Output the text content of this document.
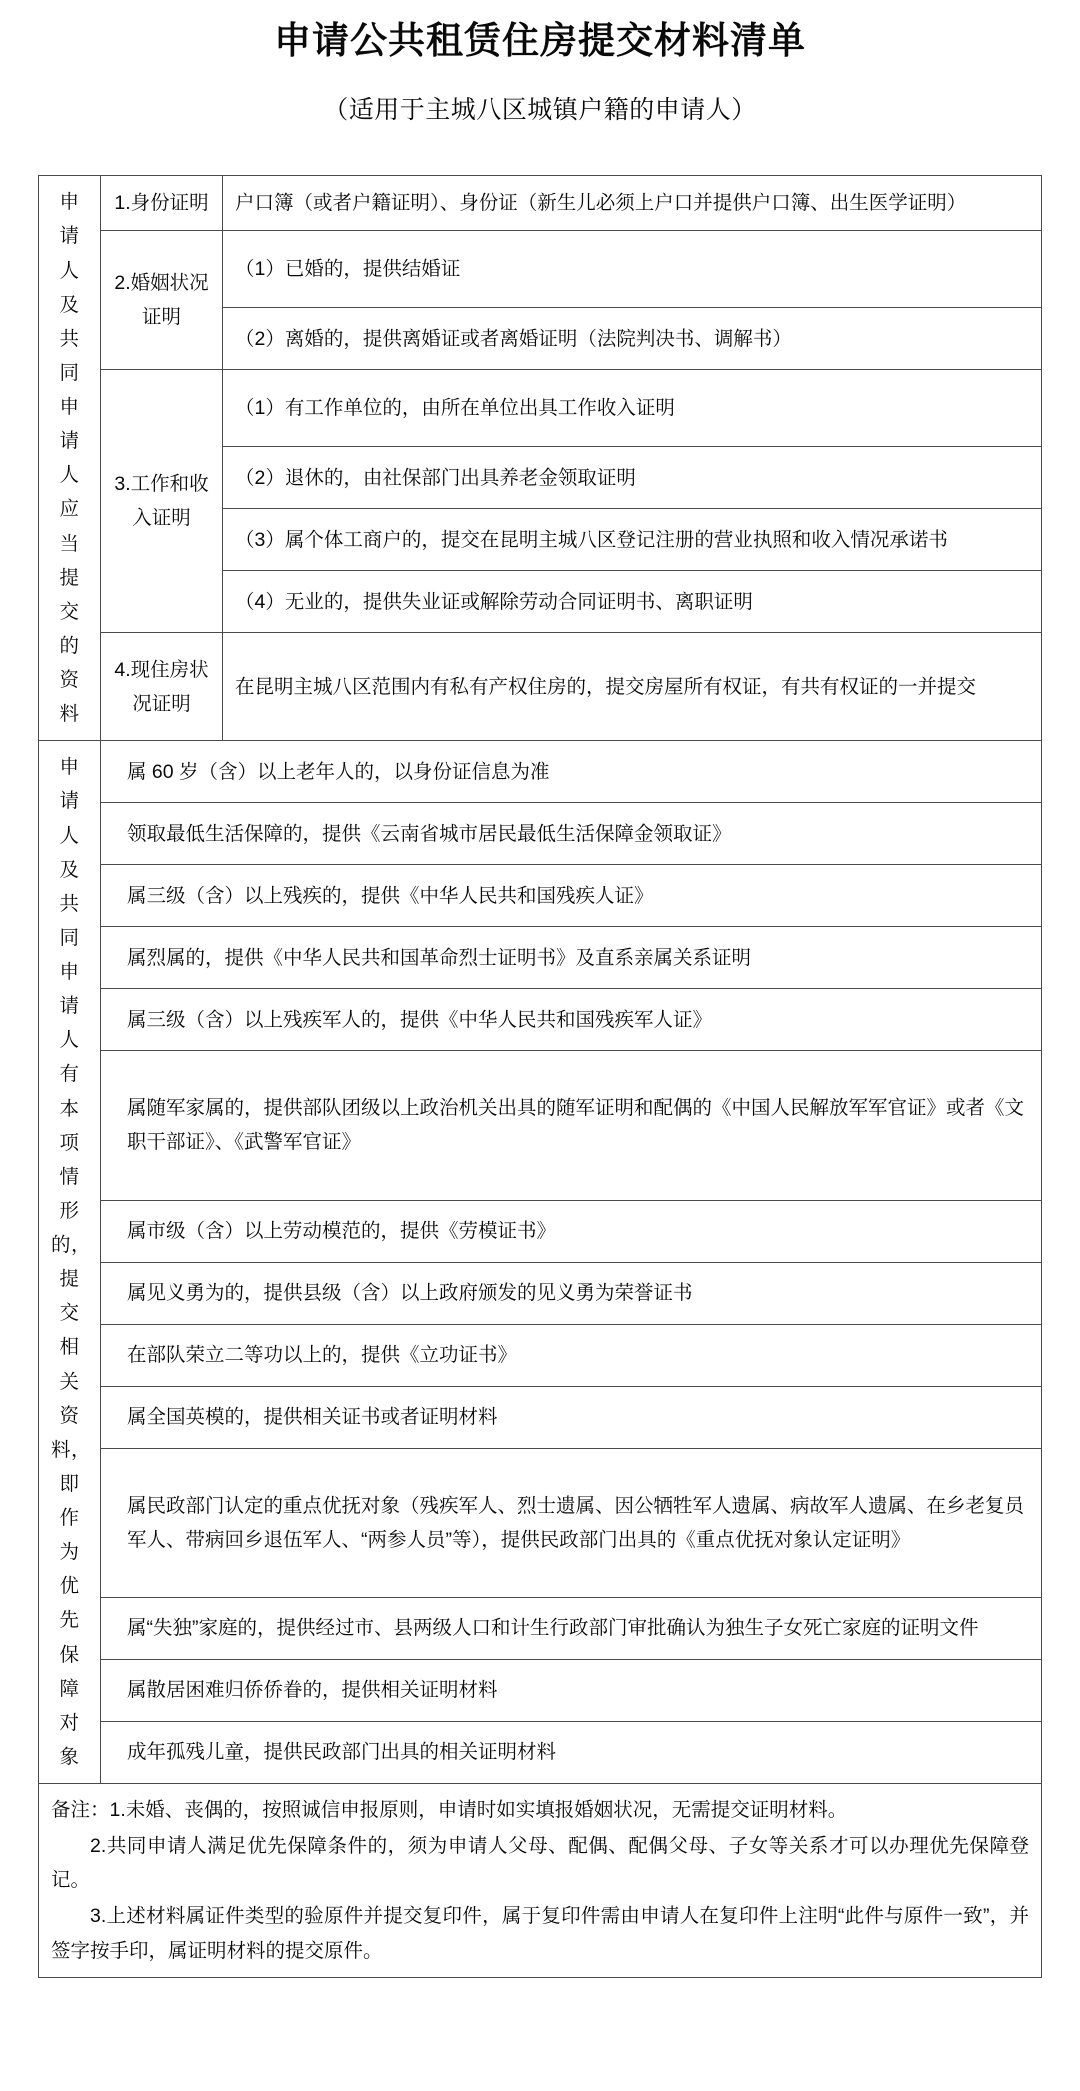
申请公共租赁住房提交材料清单
（适用于主城八区城镇户籍的申请人）
申请人及共同申请人应当提交的资料	1.身份证明	户口簿（或者户籍证明）、身份证（新生儿必须上户口并提供户口簿、出生医学证明）
	2.婚姻状况证明	（1）已婚的，提供结婚证
		（2）离婚的，提供离婚证或者离婚证明（法院判决书、调解书）
	3.工作和收入证明	（1）有工作单位的，由所在单位出具工作收入证明
		（2）退休的，由社保部门出具养老金领取证明
		（3）属个体工商户的，提交在昆明主城八区登记注册的营业执照和收入情况承诺书
		（4）无业的，提供失业证或解除劳动合同证明书、离职证明
	4.现住房状况证明	在昆明主城八区范围内有私有产权住房的，提交房屋所有权证，有共有权证的一并提交

申请人及共同申请人有本项情形的，提交相关资料，即作为优先保障对象	属 60 岁（含）以上老年人的，以身份证信息为准	
	领取最低生活保障的，提供《云南省城市居民最低生活保障金领取证》	
	属三级（含）以上残疾的，提供《中华人民共和国残疾人证》	
	属烈属的，提供《中华人民共和国革命烈士证明书》及直系亲属关系证明	
	属三级（含）以上残疾军人的，提供《中华人民共和国残疾军人证》	
	属随军家属的，提供部队团级以上政治机关出具的随军证明和配偶的《中国人民解放军军官证》或者《文职干部证》、《武警军官证》	
	属市级（含）以上劳动模范的，提供《劳模证书》	
	属见义勇为的，提供县级（含）以上政府颁发的见义勇为荣誉证书	
	在部队荣立二等功以上的，提供《立功证书》	
	属全国英模的，提供相关证书或者证明材料	
	属民政部门认定的重点优抚对象（残疾军人、烈士遗属、因公牺牲军人遗属、病故军人遗属、在乡老复员军人、带病回乡退伍军人、“两参人员”等），提供民政部门出具的《重点优抚对象认定证明》	
	属“失独”家庭的，提供经过市、县两级人口和计生行政部门审批确认为独生子女死亡家庭的证明文件	
	属散居困难归侨侨眷的，提供相关证明材料	
	成年孤残儿童，提供民政部门出具的相关证明材料	

备注：1.未婚、丧偶的，按照诚信申报原则，申请时如实填报婚姻状况，无需提交证明材料。

2.共同申请人满足优先保障条件的，须为申请人父母、配偶、配偶父母、子女等关系才可以办理优先保障登记。

3.上述材料属证件类型的验原件并提交复印件，属于复印件需由申请人在复印件上注明“此件与原件一致”，并签字按手印，属证明材料的提交原件。		
